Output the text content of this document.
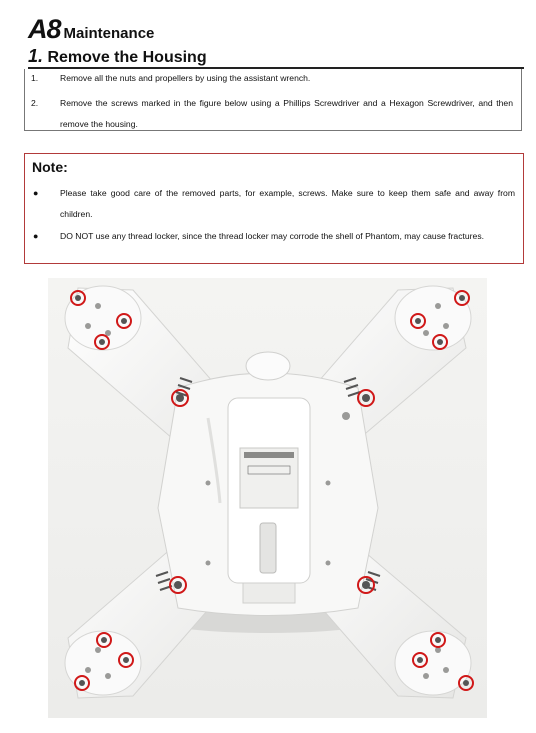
A8 Maintenance
1. Remove the Housing
1.	Remove all the nuts and propellers by using the assistant wrench.
2.	Remove the screws marked in the figure below using a Phillips Screwdriver and a Hexagon Screwdriver, and then remove the housing.
Note:
●	Please take good care of the removed parts, for example, screws. Make sure to keep them safe and away from children.
●	DO NOT use any thread locker, since the thread locker may corrode the shell of Phantom, may cause fractures.
